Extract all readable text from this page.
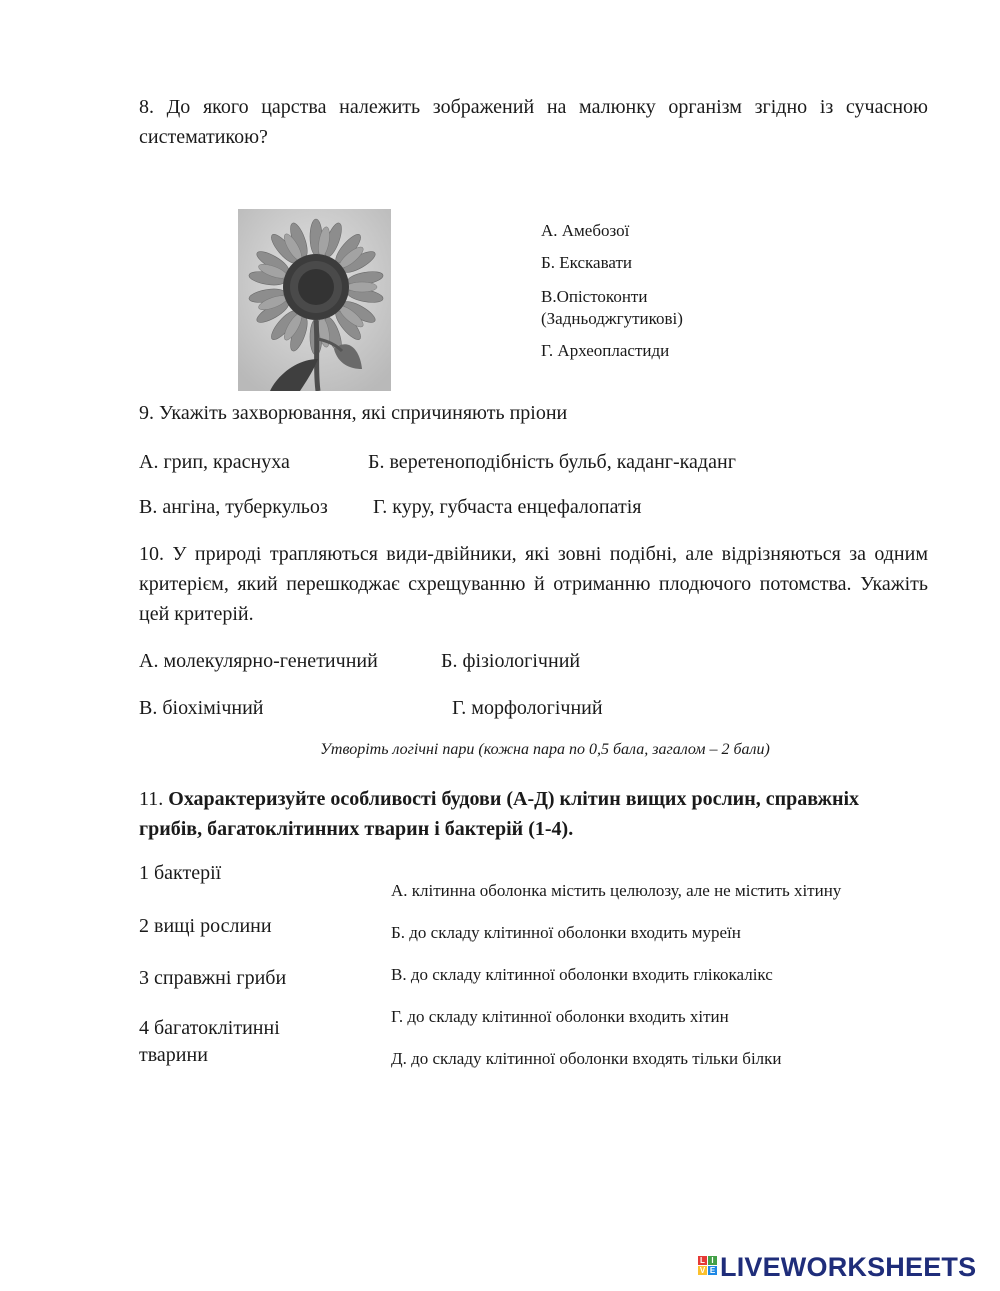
8. До якого царства належить зображений на малюнку організм згідно із сучасною систематикою?
А. Амебозої
Б. Екскавати
В.Опістоконти (Задньоджгутикові)
Г. Археопластиди
9. Укажіть захворювання, які спричиняють пріони
А. грип, краснуха	Б. веретеноподібність бульб, каданг-каданг
В. ангіна, туберкульоз Г. куру, губчаста енцефалопатія
10. У природі трапляються види-двійники, які зовні подібні, але відрізняються за одним критерієм, який перешкоджає схрещуванню й отриманню плодючого потомства. Укажіть цей критерій.
А. молекулярно-генетичний	Б. фізіологічний
В. біохімічний	Г. морфологічний
Утворіть логічні пари (кожна пара по 0,5 бала, загалом – 2 бали)
11. Охарактеризуйте особливості будови (А-Д) клітин вищих рослин, справжніх грибів, багатоклітинних тварин і бактерій (1-4).
1 бактерії
2 вищі рослини
3 справжні гриби
4 багатоклітинні тварини
А. клітинна оболонка містить целюлозу, але не містить хітину
Б. до складу клітинної оболонки входить муреїн
В. до складу клітинної оболонки входить глікокалікс
Г. до складу клітинної оболонки входить хітин
Д. до складу клітинної оболонки входять тільки білки
L I
V E LIVEWORKSHEETS
